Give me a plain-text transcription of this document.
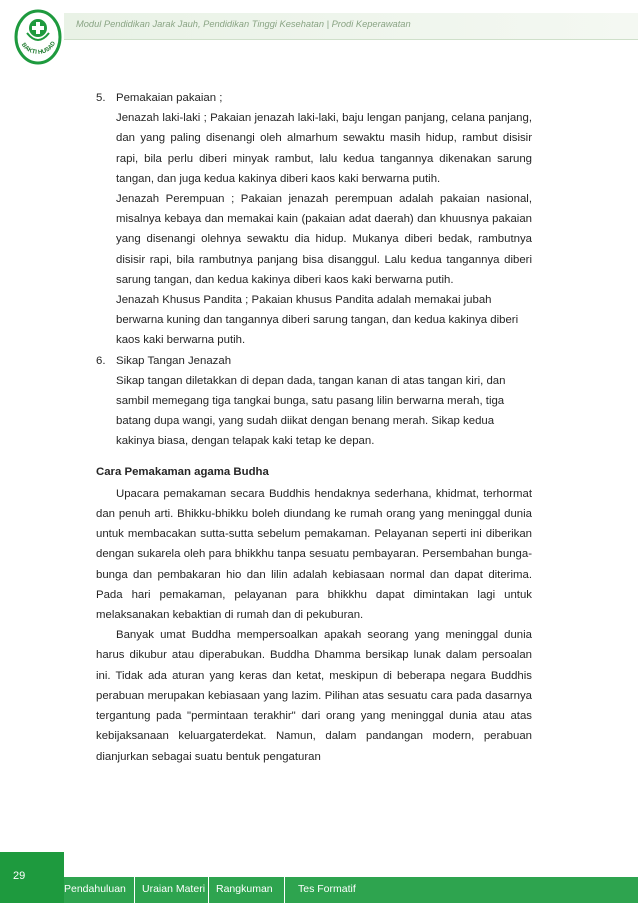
BAKTI HUSAD
Modul Pendidikan Jarak Jauh, Pendidikan Tinggi Kesehatan | Prodi Keperawatan
5. Pemakaian pakaian ;
Jenazah laki-laki ; Pakaian jenazah laki-laki, baju lengan panjang, celana panjang, dan yang paling disenangi oleh almarhum sewaktu masih hidup, rambut disisir rapi, bila perlu diberi minyak rambut, lalu kedua tangannya dikenakan sarung tangan, dan juga kedua kakinya diberi kaos kaki berwarna putih.
Jenazah Perempuan ; Pakaian jenazah perempuan adalah pakaian nasional, misalnya kebaya dan memakai kain (pakaian adat daerah) dan khuusnya pakaian yang disenangi olehnya sewaktu dia hidup. Mukanya diberi bedak, rambutnya disisir rapi, bila rambutnya panjang bisa disanggul. Lalu kedua tangannya diberi sarung tangan, dan kedua kakinya diberi kaos kaki berwarna putih.
Jenazah Khusus Pandita ; Pakaian khusus Pandita adalah memakai jubah berwarna kuning dan tangannya diberi sarung tangan, dan kedua kakinya diberi kaos kaki berwarna putih.
6. Sikap Tangan Jenazah
Sikap tangan diletakkan di depan dada, tangan kanan di atas tangan kiri, dan sambil memegang tiga tangkai bunga, satu pasang lilin berwarna merah, tiga batang dupa wangi, yang sudah diikat dengan benang merah. Sikap kedua kakinya biasa, dengan telapak kaki tetap ke depan.
Cara Pemakaman agama Budha
Upacara pemakaman secara Buddhis hendaknya sederhana, khidmat, terhormat dan penuh arti. Bhikku-bhikku boleh diundang ke rumah orang yang meninggal dunia untuk membacakan sutta-sutta sebelum pemakaman. Pelayanan seperti ini diberikan dengan sukarela oleh para bhikkhu tanpa sesuatu pembayaran. Persembahan bunga-bunga dan pembakaran hio dan lilin adalah kebiasaan normal dan dapat diterima. Pada hari pemakaman, pelayanan para bhikkhu dapat dimintakan lagi untuk melaksanakan kebaktian di rumah dan di pekuburan.
Banyak umat Buddha mempersoalkan apakah seorang yang meninggal dunia harus dikubur atau diperabukan. Buddha Dhamma bersikap lunak dalam persoalan ini. Tidak ada aturan yang keras dan ketat, meskipun di beberapa negara Buddhis perabuan merupakan kebiasaan yang lazim. Pilihan atas sesuatu cara pada dasarnya tergantung pada "permintaan terakhir" dari orang yang meninggal dunia atau atas kebijaksanaan keluargaterdekat. Namun, dalam pandangan modern, perabuan dianjurkan sebagai suatu bentuk pengaturan
29
Pendahuluan	Uraian Materi	Rangkuman	Tes Formatif
